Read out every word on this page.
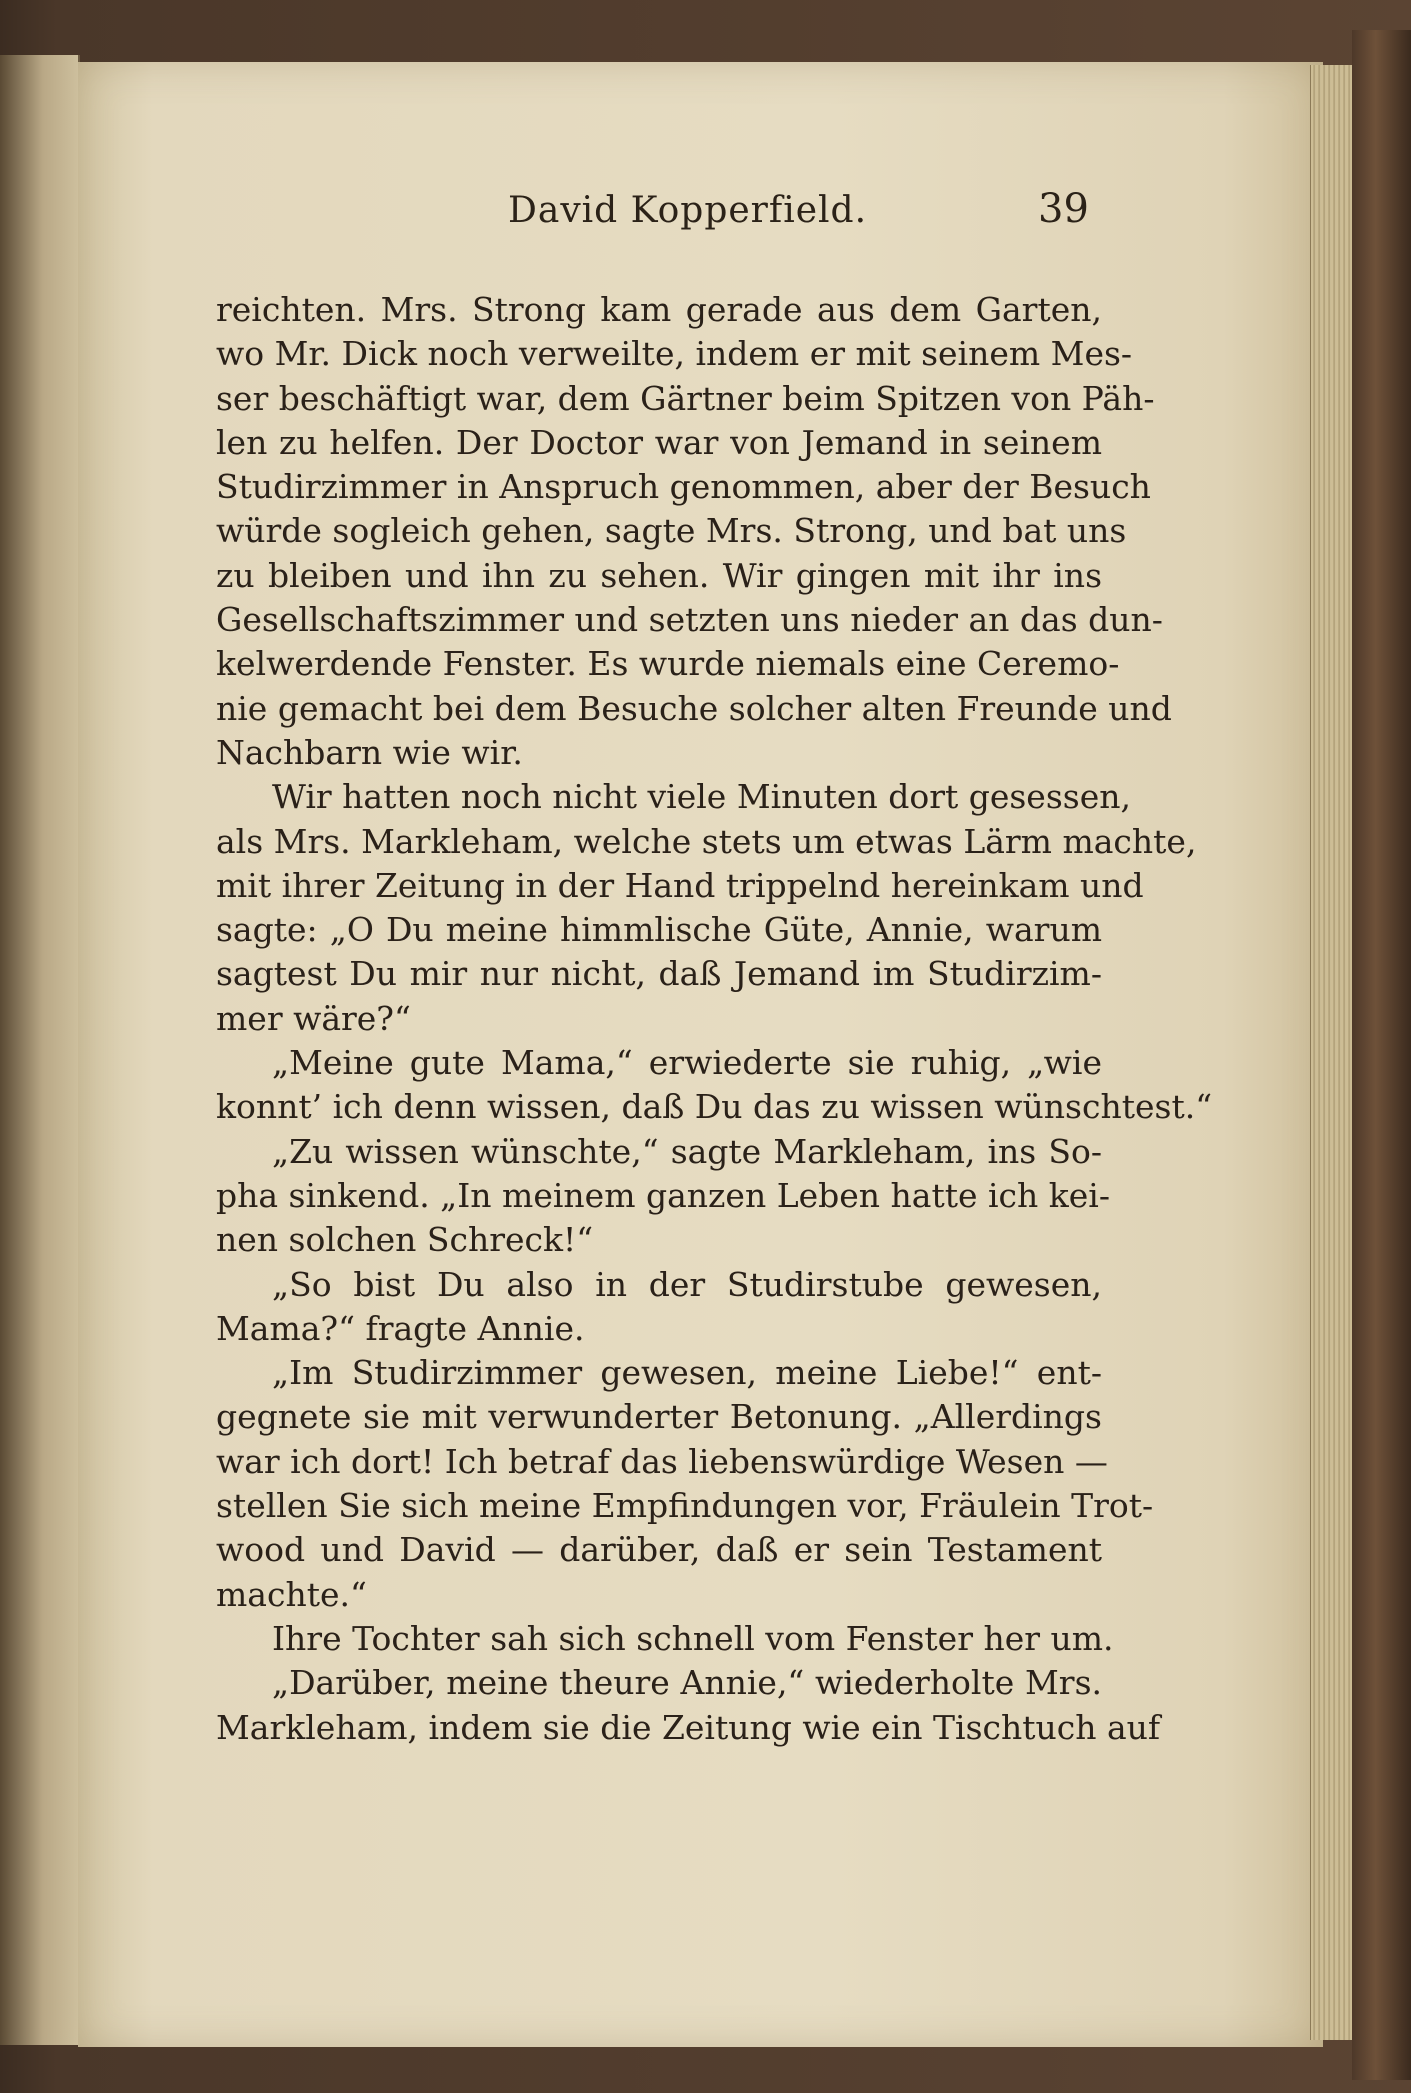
David Kopperfield.	39
reichten. Mrs. Strong kam gerade aus dem Garten,
wo Mr. Dick noch verweilte, indem er mit seinem Mes-
ser beschäftigt war, dem Gärtner beim Spitzen von Päh-
len zu helfen. Der Doctor war von Jemand in seinem
Studirzimmer in Anspruch genommen, aber der Besuch
würde sogleich gehen, sagte Mrs. Strong, und bat uns
zu bleiben und ihn zu sehen. Wir gingen mit ihr ins
Gesellschaftszimmer und setzten uns nieder an das dun-
kelwerdende Fenster. Es wurde niemals eine Ceremo-
nie gemacht bei dem Besuche solcher alten Freunde und
Nachbarn wie wir.
Wir hatten noch nicht viele Minuten dort gesessen,
als Mrs. Markleham, welche stets um etwas Lärm machte,
mit ihrer Zeitung in der Hand trippelnd hereinkam und
sagte: „O Du meine himmlische Güte, Annie, warum
sagtest Du mir nur nicht, daß Jemand im Studirzim-
mer wäre?“
„Meine gute Mama,“ erwiederte sie ruhig, „wie
konnt’ ich denn wissen, daß Du das zu wissen wünschtest.“
„Zu wissen wünschte,“ sagte Markleham, ins So-
pha sinkend. „In meinem ganzen Leben hatte ich kei-
nen solchen Schreck!“
„So bist Du also in der Studirstube gewesen,
Mama?“ fragte Annie.
„Im Studirzimmer gewesen, meine Liebe!“ ent-
gegnete sie mit verwunderter Betonung. „Allerdings
war ich dort! Ich betraf das liebenswürdige Wesen —
stellen Sie sich meine Empfindungen vor, Fräulein Trot-
wood und David — darüber, daß er sein Testament
machte.“
Ihre Tochter sah sich schnell vom Fenster her um.
„Darüber, meine theure Annie,“ wiederholte Mrs.
Markleham, indem sie die Zeitung wie ein Tischtuch auf
